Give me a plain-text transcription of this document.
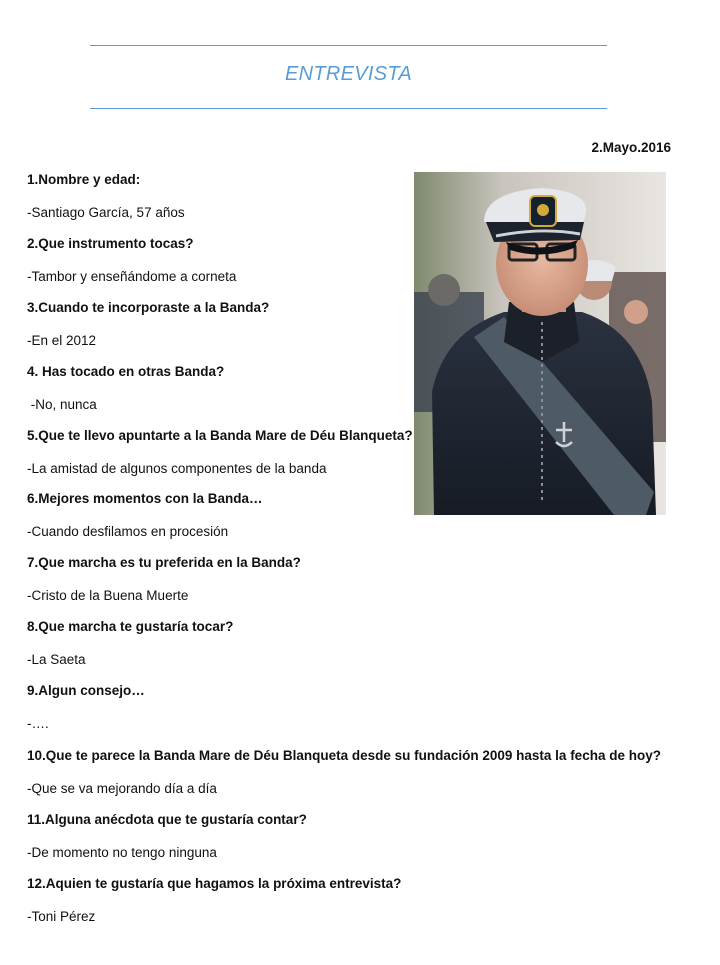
ENTREVISTA
2.Mayo.2016
1.Nombre y edad:
-Santiago García, 57 años
2.Que instrumento tocas?
-Tambor y enseñándome a corneta
3.Cuando te incorporaste a la Banda?
-En el 2012
4. Has tocado en otras Banda?
-No, nunca
5.Que te llevo apuntarte a la Banda Mare de Déu Blanqueta?
-La amistad de algunos componentes de la banda
6.Mejores momentos con la Banda…
-Cuando desfilamos en procesión
7.Que marcha es tu preferida en la Banda?
-Cristo de la Buena Muerte
8.Que marcha te gustaría tocar?
-La Saeta
9.Algun consejo…
-….
10.Que te parece la Banda Mare de Déu Blanqueta desde su fundación 2009 hasta la fecha de hoy?
-Que se va mejorando día a día
11.Alguna anécdota que te gustaría contar?
-De momento no tengo ninguna
12.Aquien te gustaría que hagamos la próxima entrevista?
-Toni Pérez
